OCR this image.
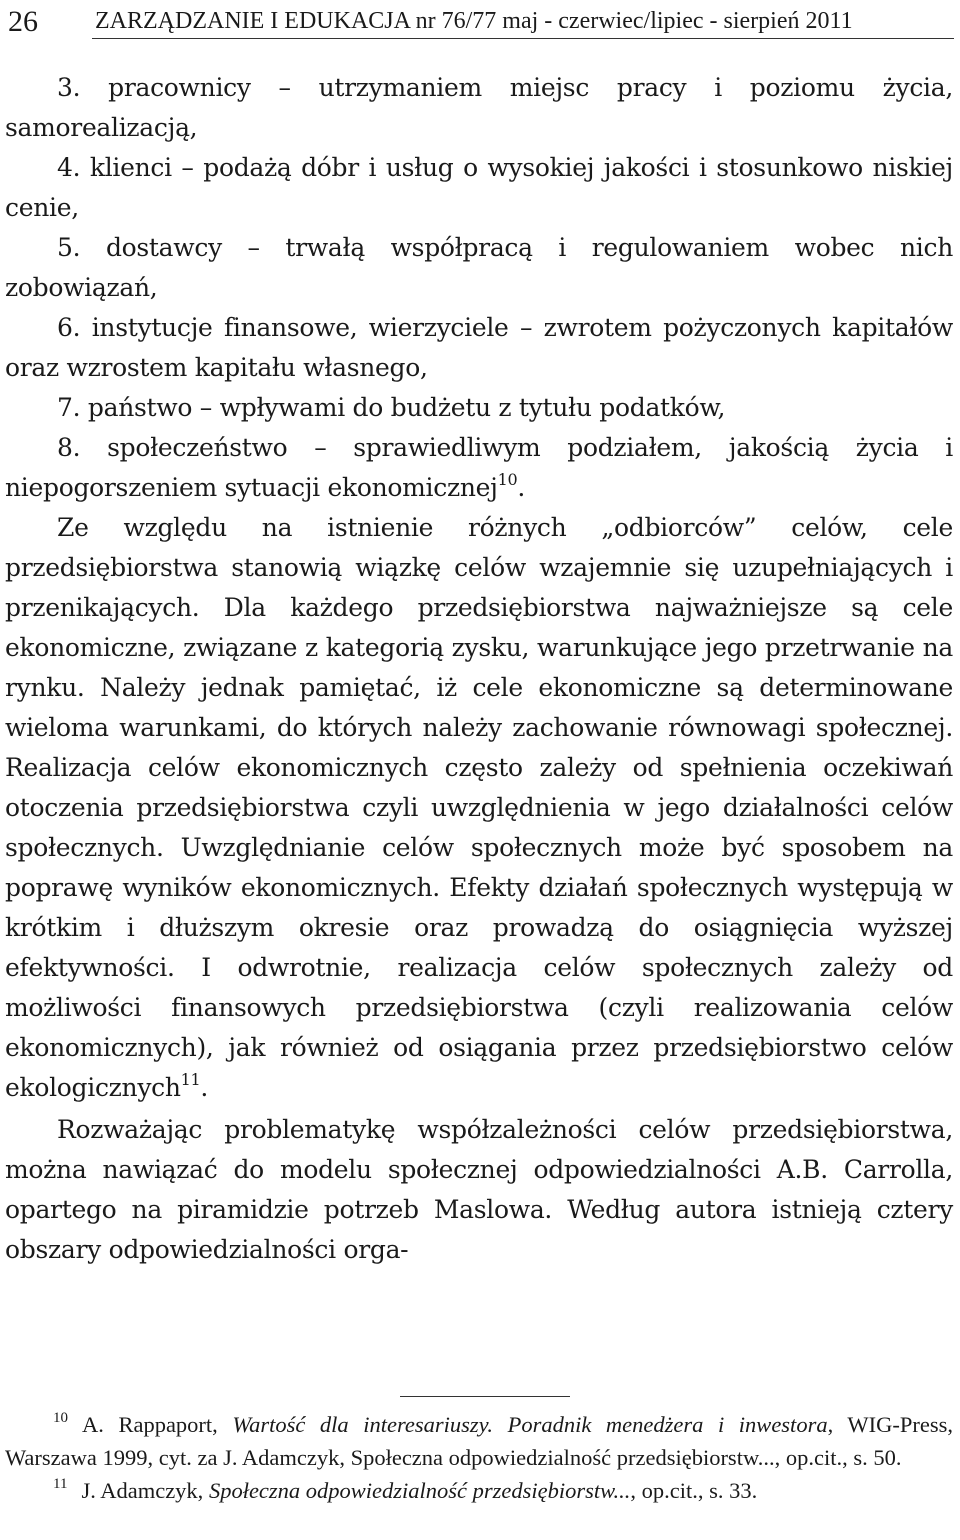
26 ZARZĄDZANIE I EDUKACJA nr 76/77 maj - czerwiec/lipiec - sierpień 2011

3. pracownicy – utrzymaniem miejsc pracy i poziomu życia, samorealizacją,

4. klienci – podażą dóbr i usług o wysokiej jakości i stosunkowo niskiej cenie,

5. dostawcy – trwałą współpracą i regulowaniem wobec nich zobowiązań,

6. instytucje finansowe, wierzyciele – zwrotem pożyczonych kapitałów oraz wzrostem kapitału własnego,

7. państwo – wpływami do budżetu z tytułu podatków,

8. społeczeństwo – sprawiedliwym podziałem, jakością życia i niepogorszeniem sytuacji ekonomicznej$^{10}$.

Ze względu na istnienie różnych „odbiorców” celów, cele przedsiębiorstwa stanowią wiązkę celów wzajemnie się uzupełniających i przenikających. Dla każdego przedsiębiorstwa najważniejsze są cele ekonomiczne, związane z kategorią zysku, warunkujące jego przetrwanie na rynku. Należy jednak pamiętać, iż cele ekonomiczne są determinowane wieloma warunkami, do których należy zachowanie równowagi społecznej. Realizacja celów ekonomicznych często zależy od spełnienia oczekiwań otoczenia przedsiębiorstwa czyli uwzględnienia w jego działalności celów społecznych. Uwzględnianie celów społecznych może być sposobem na poprawę wyników ekonomicznych. Efekty działań społecznych występują w krótkim i dłuższym okresie oraz prowadzą do osiągnięcia wyższej efektywności. I odwrotnie, realizacja celów społecznych zależy od możliwości finansowych przedsiębiorstwa (czyli realizowania celów ekonomicznych), jak również od osiągania przez przedsiębiorstwo celów ekologicznych$^{11}$.

Rozważając problematykę współzależności celów przedsiębiorstwa, można nawiązać do modelu społecznej odpowiedzialności A.B. Carrolla, opartego na piramidzie potrzeb Maslowa. Według autora istnieją cztery obszary odpowiedzialności orga-

$^{10}$ A. Rappaport, Wartość dla interesariuszy. Poradnik menedżera i inwestora, WIG-Press, Warszawa 1999, cyt. za J. Adamczyk, Społeczna odpowiedzialność przedsiębiorstw..., op.cit., s. 50.

$^{11}$ J. Adamczyk, Społeczna odpowiedzialność przedsiębiorstw..., op.cit., s. 33.
